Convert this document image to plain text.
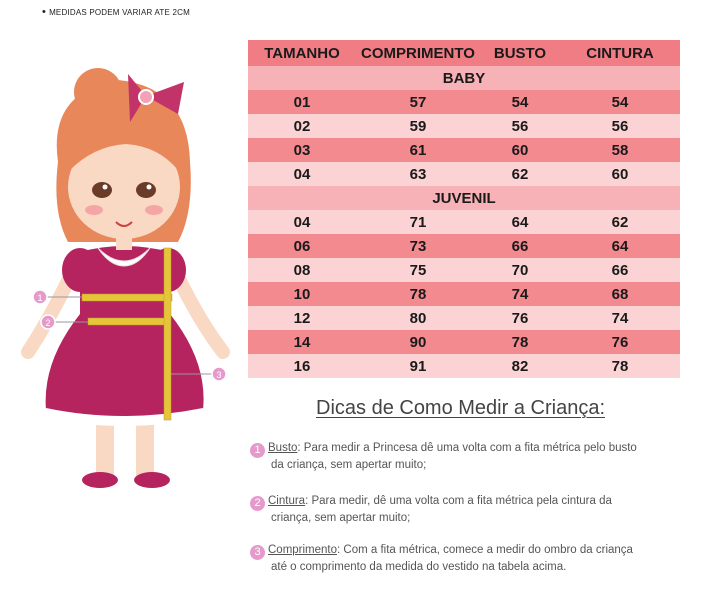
• MEDIDAS PODEM VARIAR ATE 2CM
1
2
3
TAMANHO	COMPRIMENTO	BUSTO	CINTURA
BABY			
01	57	54	54
02	59	56	56
03	61	60	58
04	63	62	60
JUVENIL			
04	71	64	62
06	73	66	64
08	75	70	66
10	78	74	68
12	80	76	74
14	90	78	76
16	91	82	78
Dicas de Como Medir a Criança:
1 Busto: Para medir a Princesa dê uma volta com a fita métrica pelo busto
da criança, sem apertar muito;
2 Cintura: Para medir, dê uma volta com a fita métrica pela cintura da
criança, sem apertar muito;
3 Comprimento: Com a fita métrica, comece a medir do ombro da criança
até o comprimento da medida do vestido na tabela acima.
